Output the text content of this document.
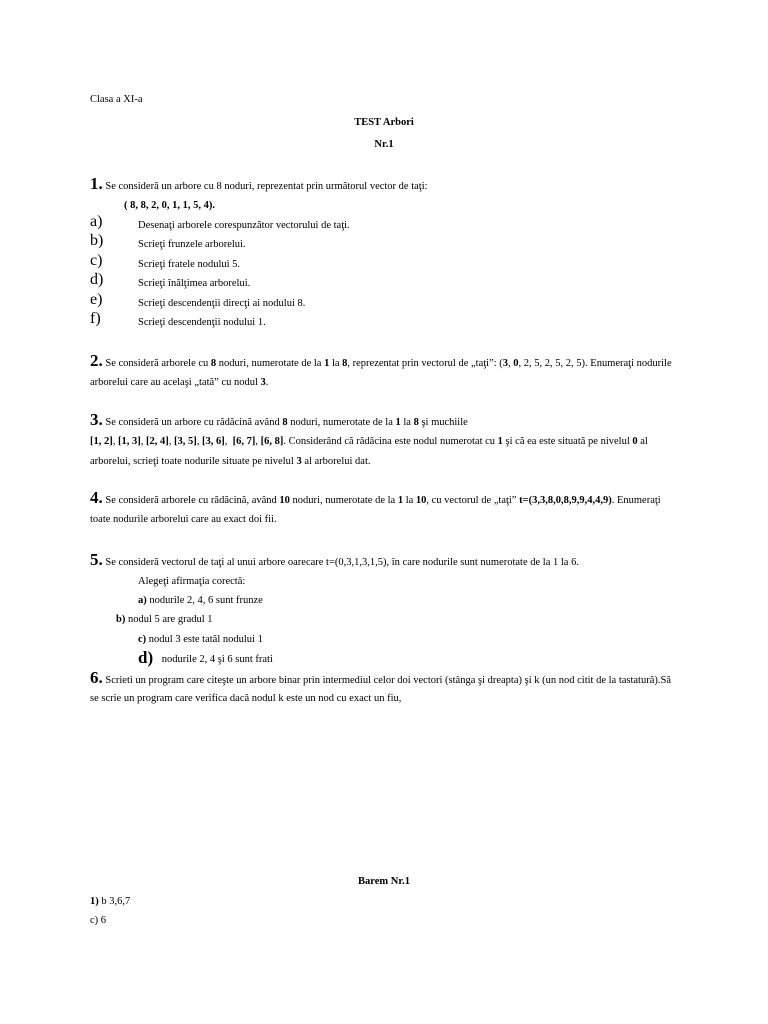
Clasa a XI-a
TEST Arbori
Nr.1
1. Se consideră un arbore cu 8 noduri, reprezentat prin următorul vector de taţi:
( 8, 8, 2, 0, 1, 1, 5, 4).
a)	Desenaţi arborele corespunzător vectorului de taţi.
b)	Scrieţi frunzele arborelui.
c)	Scrieţi fratele nodului 5.
d)	Scrieţi înălţimea arborelui.
e)	Scrieţi descendenţii direcţi ai nodului 8.
f)	Scrieţi descendenţii nodului 1.
2. Se consideră arborele cu 8 noduri, numerotate de la 1 la 8, reprezentat prin vectorul de „taţi”: (3, 0, 2, 5, 2, 5, 2, 5). Enumeraţi nodurile
arborelui care au acelaşi „tată” cu nodul 3.
3. Se consideră un arbore cu rădăcină având 8 noduri, numerotate de la 1 la 8 şi muchiile
[1, 2], [1, 3], [2, 4], [3, 5], [3, 6],  [6, 7], [6, 8]. Considerând că rădăcina este nodul numerotat cu 1 şi că ea este situată pe nivelul 0 al
arborelui, scrieţi toate nodurile situate pe nivelul 3 al arborelui dat.
4. Se consideră arborele cu rădăcină, având 10 noduri, numerotate de la 1 la 10, cu vectorul de „taţi” t=(3,3,8,0,8,9,9,4,4,9). Enumeraţi
toate nodurile arborelui care au exact doi fii.
5. Se consideră vectorul de taţi al unui arbore oarecare t=(0,3,1,3,1,5), în care nodurile sunt numerotate de la 1 la 6.
Alegeţi afirmaţia corectă:
a) nodurile 2, 4, 6 sunt frunze
b) nodul 5 are gradul 1
c) nodul 3 este tatăl nodului 1
d) nodurile 2, 4 şi 6 sunt frati
6. Scrieti un program care citeşte un arbore binar prin intermediul celor doi vectori (stânga şi dreapta) şi k (un nod citit de la tastatură).Să
se scrie un program care verifica dacă nodul k este un nod cu exact un fiu,
Barem Nr.1
1) b 3,6,7
c) 6
